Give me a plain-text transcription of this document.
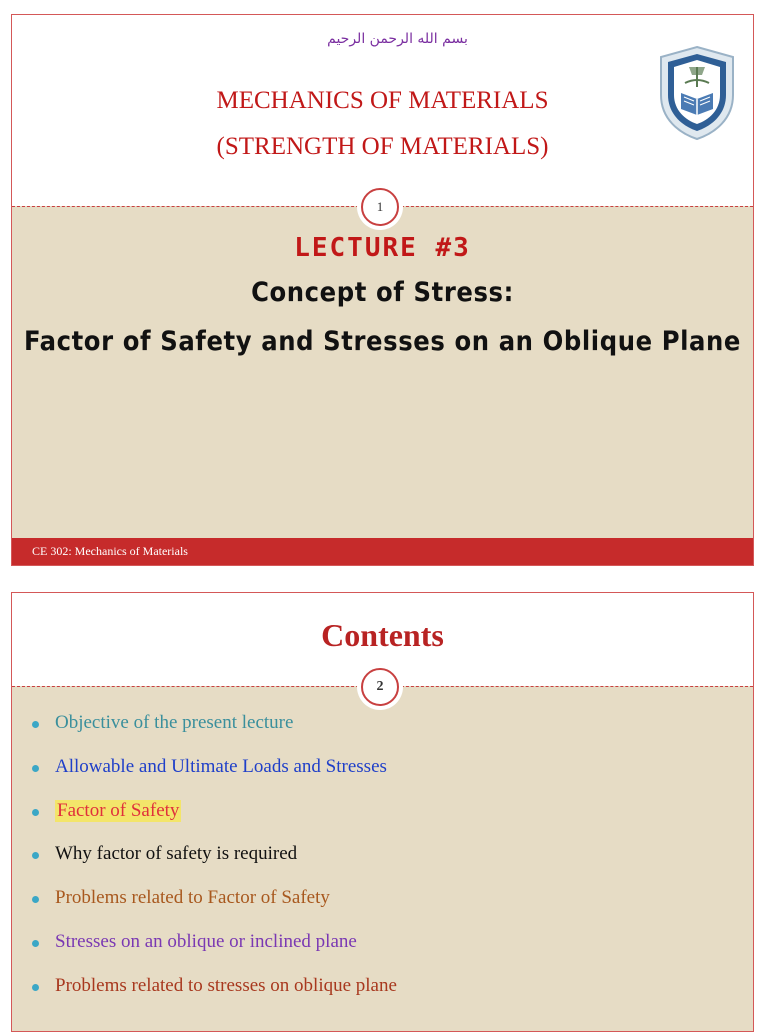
بسم الله الرحمن الرحيم
MECHANICS OF MATERIALS
(STRENGTH OF MATERIALS)
1
LECTURE #3
Concept of Stress:
Factor of Safety and Stresses on an Oblique Plane
CE 302: Mechanics of Materials
Contents
2
Objective of the present lecture
Allowable and Ultimate Loads and Stresses
Factor of Safety
Why factor of safety is required
Problems related to Factor of Safety
Stresses on an oblique or inclined plane
Problems related to stresses on oblique plane
